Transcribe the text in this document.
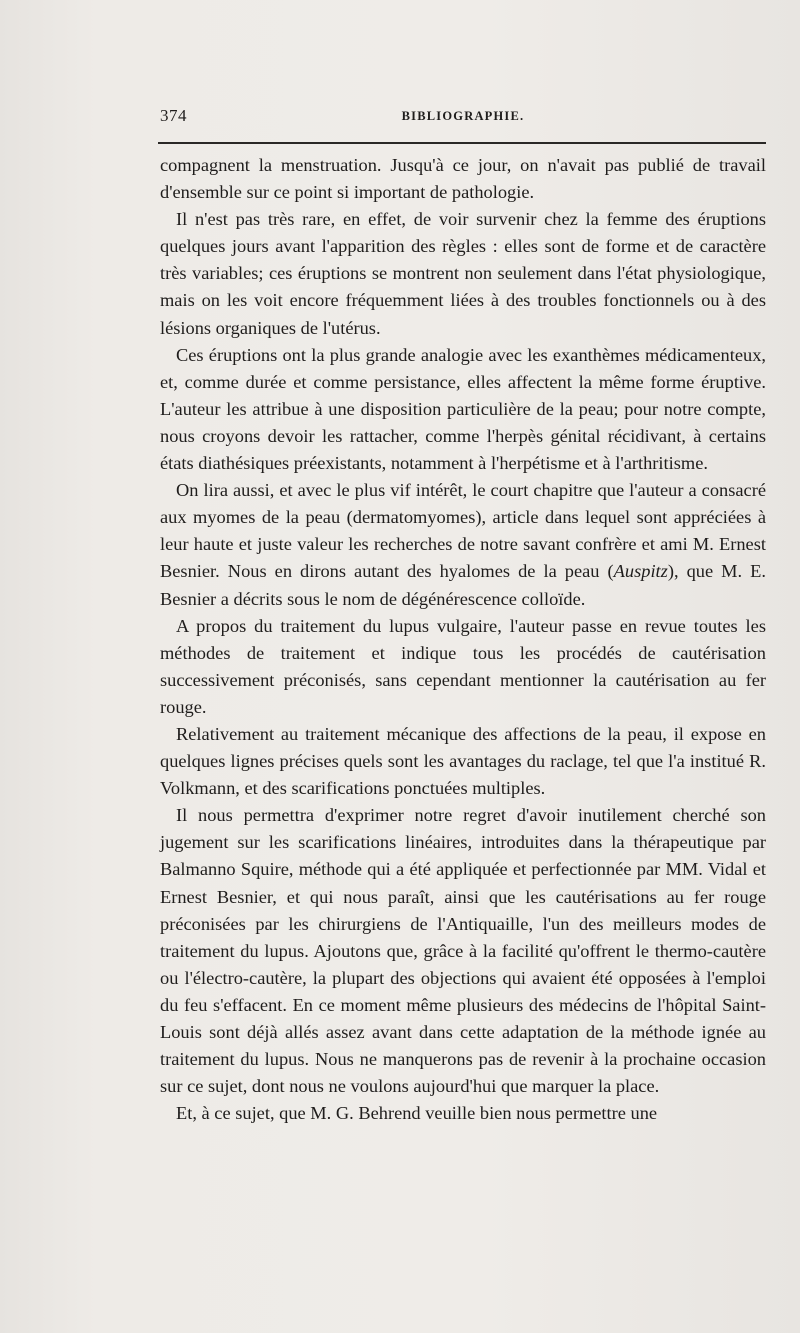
374	BIBLIOGRAPHIE.

compagnent la menstruation. Jusqu'à ce jour, on n'avait pas publié de travail d'ensemble sur ce point si important de pathologie.

Il n'est pas très rare, en effet, de voir survenir chez la femme des éruptions quelques jours avant l'apparition des règles : elles sont de forme et de caractère très variables; ces éruptions se montrent non seulement dans l'état physiologique, mais on les voit encore fréquemment liées à des troubles fonctionnels ou à des lésions organiques de l'utérus.

Ces éruptions ont la plus grande analogie avec les exanthèmes médicamenteux, et, comme durée et comme persistance, elles affectent la même forme éruptive. L'auteur les attribue à une disposition particulière de la peau; pour notre compte, nous croyons devoir les rattacher, comme l'herpès génital récidivant, à certains états diathésiques préexistants, notamment à l'herpétisme et à l'arthritisme.

On lira aussi, et avec le plus vif intérêt, le court chapitre que l'auteur a consacré aux myomes de la peau (dermatomyomes), article dans lequel sont appréciées à leur haute et juste valeur les recherches de notre savant confrère et ami M. Ernest Besnier. Nous en dirons autant des hyalomes de la peau (Auspitz), que M. E. Besnier a décrits sous le nom de dégénérescence colloïde.

A propos du traitement du lupus vulgaire, l'auteur passe en revue toutes les méthodes de traitement et indique tous les procédés de cautérisation successivement préconisés, sans cependant mentionner la cautérisation au fer rouge.

Relativement au traitement mécanique des affections de la peau, il expose en quelques lignes précises quels sont les avantages du raclage, tel que l'a institué R. Volkmann, et des scarifications ponctuées multiples.

Il nous permettra d'exprimer notre regret d'avoir inutilement cherché son jugement sur les scarifications linéaires, introduites dans la thérapeutique par Balmanno Squire, méthode qui a été appliquée et perfectionnée par MM. Vidal et Ernest Besnier, et qui nous paraît, ainsi que les cautérisations au fer rouge préconisées par les chirurgiens de l'Antiquaille, l'un des meilleurs modes de traitement du lupus. Ajoutons que, grâce à la facilité qu'offrent le thermo-cautère ou l'électro-cautère, la plupart des objections qui avaient été opposées à l'emploi du feu s'effacent. En ce moment même plusieurs des médecins de l'hôpital Saint-Louis sont déjà allés assez avant dans cette adaptation de la méthode ignée au traitement du lupus. Nous ne manquerons pas de revenir à la prochaine occasion sur ce sujet, dont nous ne voulons aujourd'hui que marquer la place.

Et, à ce sujet, que M. G. Behrend veuille bien nous permettre une
